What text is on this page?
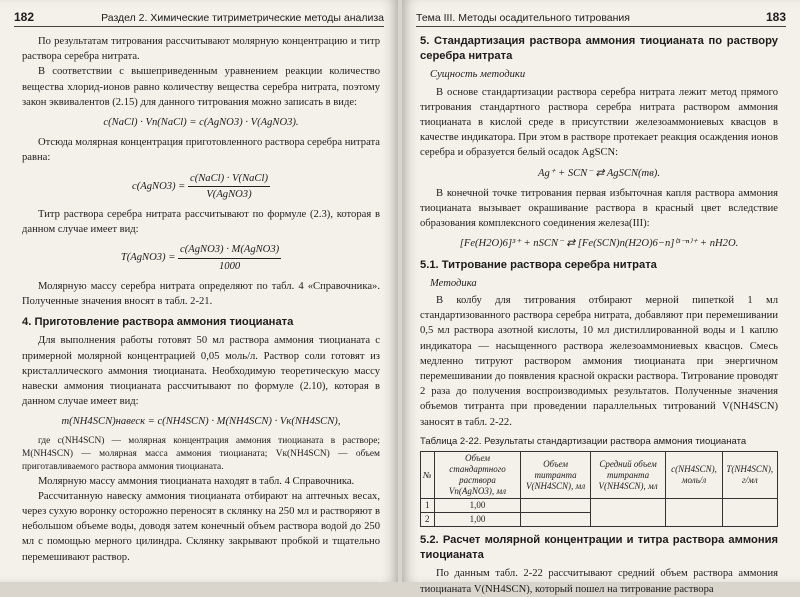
182	Раздел 2. Химические титриметрические методы анализа

По результатам титрования рассчитывают молярную концентрацию и титр раствора серебра нитрата.

В соответствии с вышеприведенным уравнением реакции количество вещества хлорид-ионов равно количеству вещества серебра нитрата, поэтому закон эквивалентов (2.15) для данного титрования можно записать в виде:

c(NaCl) · Vп(NaCl) = c(AgNO3) · V(AgNO3).

Отсюда молярная концентрация приготовленного раствора серебра нитрата равна:

c(AgNO3) = $\frac{\text{c(NaCl) · V(NaCl)}}{\text{V(AgNO3)}}$

Титр раствора серебра нитрата рассчитывают по формуле (2.3), которая в данном случае имеет вид:

T(AgNO3) = $\frac{\text{c(AgNO3) · M(AgNO3)}}{1000}$

Молярную массу серебра нитрата определяют по табл. 4 «Справочника». Полученные значения вносят в табл. 2-21.

4. Приготовление раствора аммония тиоцианата

Для выполнения работы готовят 50 мл раствора аммония тиоцианата с примерной молярной концентрацией 0,05 моль/л. Раствор соли готовят из кристаллического аммония тиоцианата. Необходимую теоретическую массу навески аммония тиоцианата рассчитывают по формуле (2.10), которая в данном случае имеет вид:

m(NH4SCN)навеск = c(NH4SCN) · M(NH4SCN) · Vк(NH4SCN),

где c(NH4SCN) — молярная концентрация аммония тиоцианата в растворе; M(NH4SCN) — молярная масса аммония тиоцианата; Vк(NH4SCN) — объем приготавливаемого раствора аммония тиоцианата.

Молярную массу аммония тиоцианата находят в табл. 4 Справочника.

Рассчитанную навеску аммония тиоцианата отбирают на аптечных весах, через сухую воронку осторожно переносят в склянку на 250 мл и растворяют в небольшом объеме воды, доводя затем конечный объем раствора водой до 250 мл с помощью мерного цилиндра. Склянку закрывают пробкой и тщательно перемешивают раствор.

Тема III. Методы осадительного титрования	183
5. Стандартизация раствора аммония тиоцианата по раствору серебра нитрата
Сущность методики

В основе стандартизации раствора серебра нитрата лежит метод прямого титрования стандартного раствора серебра нитрата раствором аммония тиоцианата в кислой среде в присутствии железоаммониевых квасцов в качестве индикатора. При этом в растворе протекает реакция осаждения ионов серебра и образуется белый осадок AgSCN:

Ag⁺ + SCN⁻ ⇄ AgSCN(тв).

В конечной точке титрования первая избыточная капля раствора аммония тиоцианата вызывает окрашивание раствора в красный цвет вследствие образования комплексного соединения железа(III):

[Fe(H2O)6]³⁺ + nSCN⁻ ⇄ [Fe(SCN)n(H2O)6−n]⁽³⁻ⁿ⁾⁺ + nH2O.
5.1. Титрование раствора серебра нитрата
Методика

В колбу для титрования отбирают мерной пипеткой 1 мл стандартизованного раствора серебра нитрата, добавляют при перемешивании 0,5 мл раствора азотной кислоты, 10 мл дистиллированной воды и 1 каплю индикатора — насыщенного раствора железоаммониевых квасцов. Смесь медленно титруют раствором аммония тиоцианата при энергичном перемешивании до появления красной окраски раствора. Титрование проводят 2 раза до получения воспроизводимых результатов. Полученные значения объемов титранта при проведении параллельных титрований V(NH4SCN) заносят в табл. 2-22.

Таблица 2-22. Результаты стандартизации раствора аммония тиоцианата
№	Объем стандартного раствора Vп(AgNO3), мл	Объем титранта V(NH4SCN), мл	Средний объем титранта V(NH4SCN), мл	c(NH4SCN), моль/л	T(NH4SCN), г/мл
1	1,00				
2	1,00				
5.2. Расчет молярной концентрации и титра раствора аммония тиоцианата

По данным табл. 2-22 рассчитывают средний объем раствора аммония тиоцианата V(NH4SCN), который пошел на титрование раствора
